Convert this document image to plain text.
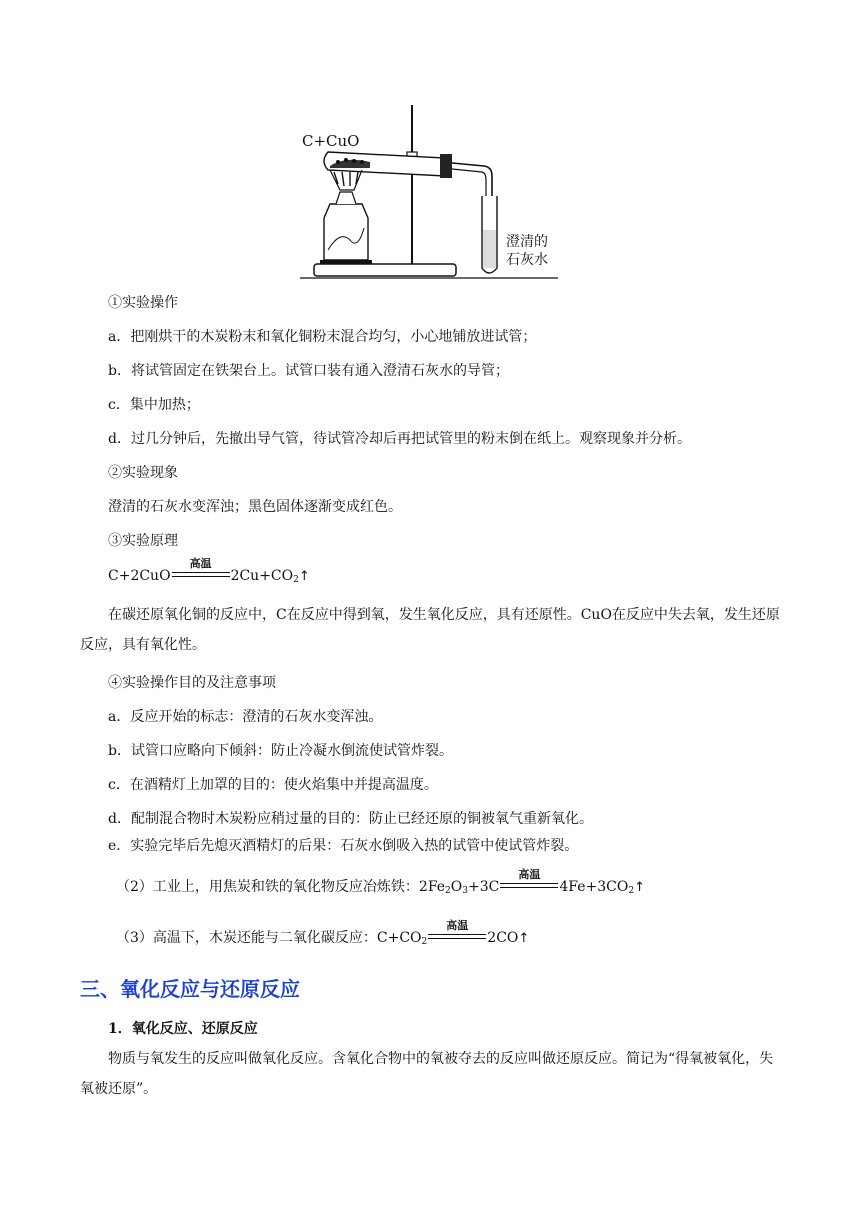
C+CuO
澄清的
石灰水
①实验操作
a．把刚烘干的木炭粉末和氧化铜粉末混合均匀，小心地铺放进试管；
b．将试管固定在铁架台上。试管口装有通入澄清石灰水的导管；
c．集中加热；
d．过几分钟后，先撤出导气管，待试管冷却后再把试管里的粉末倒在纸上。观察现象并分析。
②实验现象
澄清的石灰水变浑浊；黑色固体逐渐变成红色。
③实验原理
C+2CuO
高温
$2Cu+CO_2↑$
在碳还原氧化铜的反应中，C在反应中得到氧，发生氧化反应，具有还原性。CuO在反应中失去氧，发生还原反应，具有氧化性。
④实验操作目的及注意事项
a．反应开始的标志：澄清的石灰水变浑浊。
b．试管口应略向下倾斜：防止冷凝水倒流使试管炸裂。
c．在酒精灯上加罩的目的：使火焰集中并提高温度。
d．配制混合物时木炭粉应稍过量的目的：防止已经还原的铜被氧气重新氧化。
e．实验完毕后先熄灭酒精灯的后果：石灰水倒吸入热的试管中使试管炸裂。
（2）工业上，用焦炭和铁的氧化物反应冶炼铁：$2Fe_2O_3+3C$
高温
$4Fe+3CO_2↑$
（3）高温下，木炭还能与二氧化碳反应：$C+CO_2$
高温
2CO↑
三、氧化反应与还原反应
1．氧化反应、还原反应
物质与氧发生的反应叫做氧化反应。含氧化合物中的氧被夺去的反应叫做还原反应。简记为“得氧被氧化，失氧被还原”。
